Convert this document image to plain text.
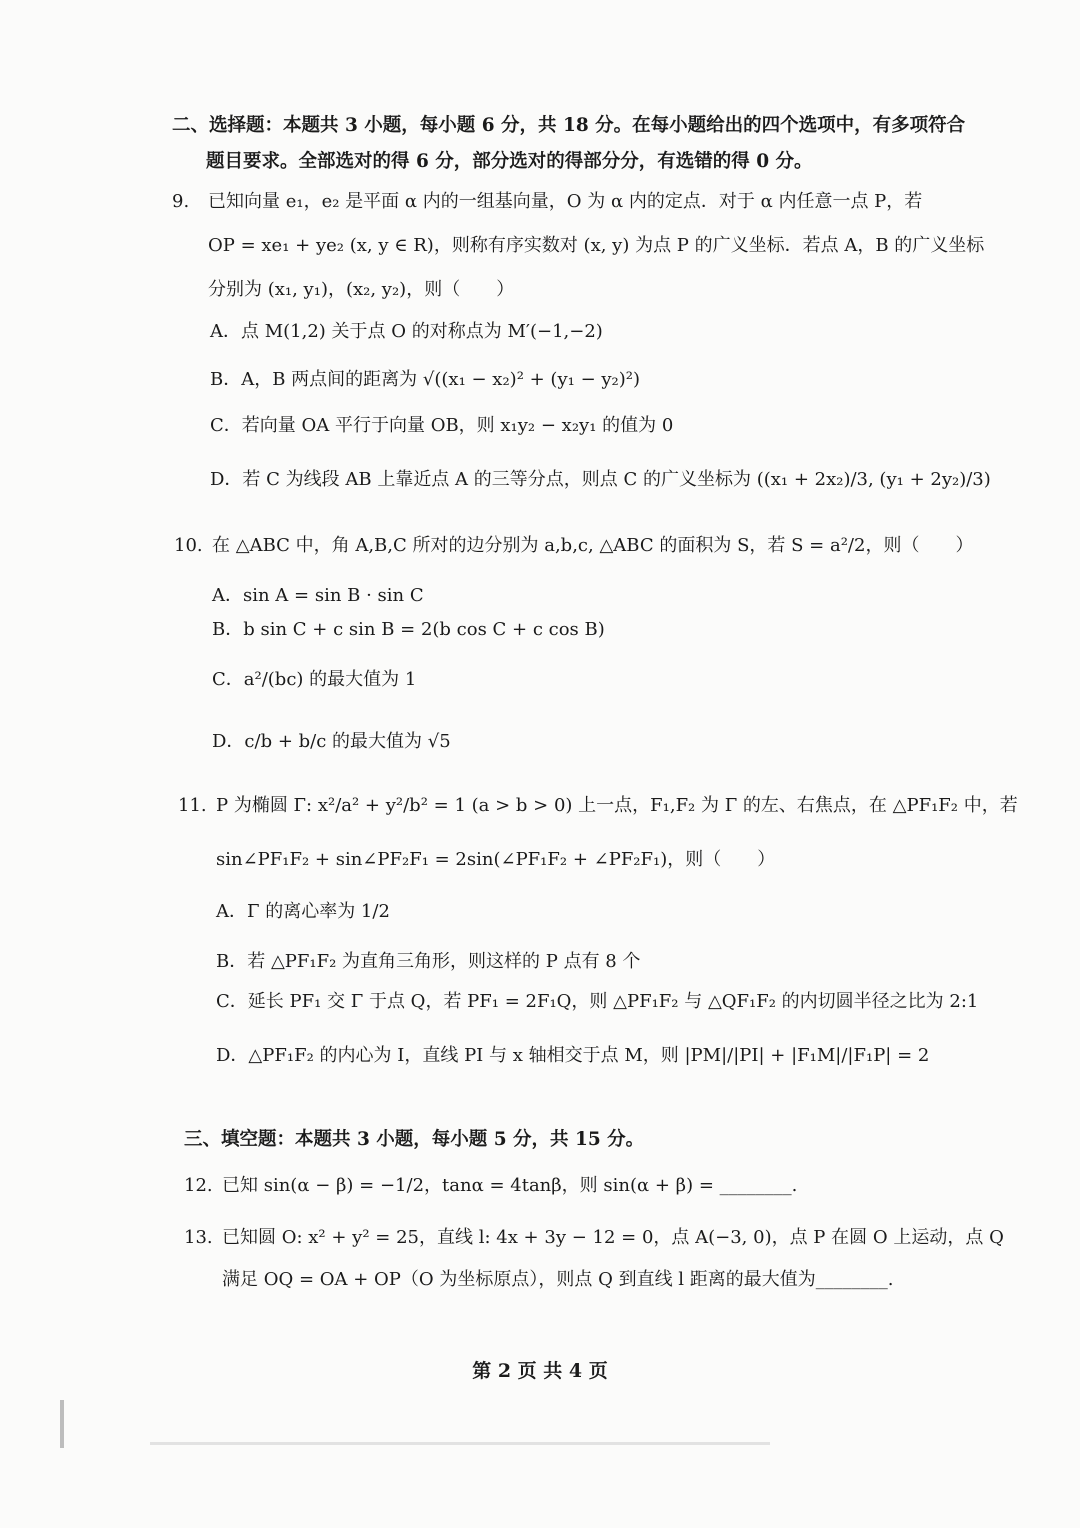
二、选择题：本题共 3 小题，每小题 6 分，共 18 分。在每小题给出的四个选项中，有多项符合
题目要求。全部选对的得 6 分，部分选对的得部分分，有选错的得 0 分。
9. 已知向量 e₁，e₂ 是平面 α 内的一组基向量，O 为 α 内的定点．对于 α 内任意一点 P，若
OP = xe₁ + ye₂ (x, y ∈ R)，则称有序实数对 (x, y) 为点 P 的广义坐标．若点 A，B 的广义坐标
分别为 (x₁, y₁)，(x₂, y₂)，则（　　）
A．点 M(1,2) 关于点 O 的对称点为 M′(−1,−2)
B．A，B 两点间的距离为 √((x₁ − x₂)² + (y₁ − y₂)²)
C．若向量 OA 平行于向量 OB，则 x₁y₂ − x₂y₁ 的值为 0
D．若 C 为线段 AB 上靠近点 A 的三等分点，则点 C 的广义坐标为 ((x₁ + 2x₂)/3, (y₁ + 2y₂)/3)
10. 在 △ABC 中，角 A,B,C 所对的边分别为 a,b,c, △ABC 的面积为 S，若 S = a²/2，则（　　）
A．sin A = sin B · sin C
B．b sin C + c sin B = 2(b cos C + c cos B)
C．a²/(bc) 的最大值为 1
D．c/b + b/c 的最大值为 √5
11. P 为椭圆 Γ: x²/a² + y²/b² = 1 (a > b > 0) 上一点，F₁,F₂ 为 Γ 的左、右焦点，在 △PF₁F₂ 中，若
sin∠PF₁F₂ + sin∠PF₂F₁ = 2sin(∠PF₁F₂ + ∠PF₂F₁)，则（　　）
A．Γ 的离心率为 1/2
B．若 △PF₁F₂ 为直角三角形，则这样的 P 点有 8 个
C．延长 PF₁ 交 Γ 于点 Q，若 PF₁ = 2F₁Q，则 △PF₁F₂ 与 △QF₁F₂ 的内切圆半径之比为 2:1
D．△PF₁F₂ 的内心为 I，直线 PI 与 x 轴相交于点 M，则 |PM|/|PI| + |F₁M|/|F₁P| = 2
三、填空题：本题共 3 小题，每小题 5 分，共 15 分。
12. 已知 sin(α − β) = −1/2，tanα = 4tanβ，则 sin(α + β) = ________.
13. 已知圆 O: x² + y² = 25，直线 l: 4x + 3y − 12 = 0，点 A(−3, 0)，点 P 在圆 O 上运动，点 Q
满足 OQ = OA + OP（O 为坐标原点），则点 Q 到直线 l 距离的最大值为________.
第 2 页 共 4 页
